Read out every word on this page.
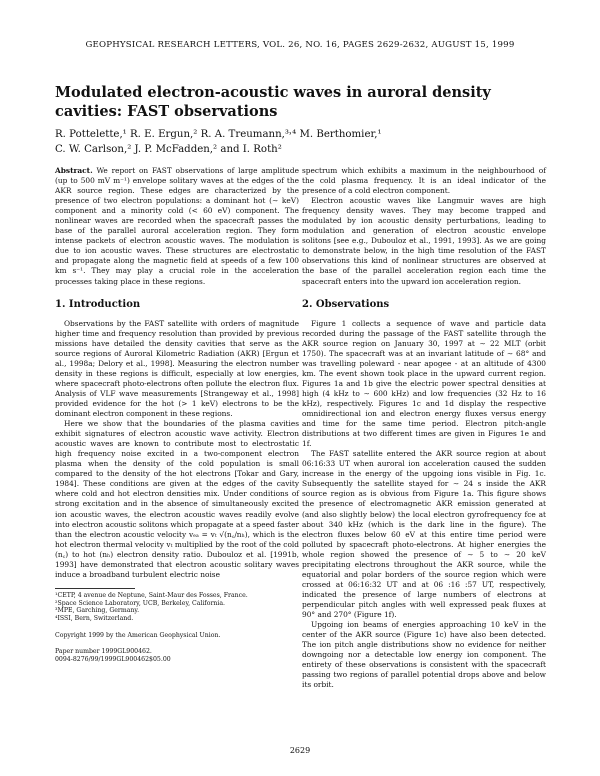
GEOPHYSICAL RESEARCH LETTERS, VOL. 26, NO. 16, PAGES 2629-2632, AUGUST 15, 1999
Modulated electron-acoustic waves in auroral density cavities: FAST observations
R. Pottelette,¹ R. E. Ergun,² R. A. Treumann,³˒⁴ M. Berthomier,¹
C. W. Carlson,² J. P. McFadden,² and I. Roth²

Abstract. We report on FAST observations of large amplitude (up to 500 mV m⁻¹) envelope solitary waves at the edges of the AKR source region. These edges are characterized by the presence of two electron populations: a dominant hot (∼ keV) component and a minority cold (< 60 eV) component. The nonlinear waves are recorded when the spacecraft passes the base of the parallel auroral acceleration region. They form intense packets of electron acoustic waves. The modulation is due to ion acoustic waves. These structures are electrostatic and propagate along the magnetic field at speeds of a few 100 km s⁻¹. They may play a crucial role in the acceleration processes taking place in these regions.

1. Introduction

Observations by the FAST satellite with orders of magnitude higher time and frequency resolution than provided by previous missions have detailed the density cavities that serve as the source regions of Auroral Kilometric Radiation (AKR) [Ergun et al., 1998a; Delory et al., 1998]. Measuring the electron number density in these regions is difficult, especially at low energies, where spacecraft photo-electrons often pollute the electron flux. Analysis of VLF wave measurements [Strangeway et al., 1998] provided evidence for the hot (> 1 keV) electrons to be the dominant electron component in these regions.

Here we show that the boundaries of the plasma cavities exhibit signatures of electron acoustic wave activity. Electron acoustic waves are known to contribute most to electrostatic high frequency noise excited in a two-component electron plasma when the density of the cold population is small compared to the density of the hot electrons [Tokar and Gary, 1984]. These conditions are given at the edges of the cavity where cold and hot electron densities mix. Under conditions of strong excitation and in the absence of simultaneously excited ion acoustic waves, the electron acoustic waves readily evolve into electron acoustic solitons which propagate at a speed faster than the electron acoustic velocity vₑₐ = vₜ √(n꜀/nₕ), which is the hot electron thermal velocity vₜ multiplied by the root of the cold (n꜀) to hot (nₕ) electron density ratio. Dubouloz et al. [1991b, 1993] have demonstrated that electron acoustic solitary waves induce a broadband turbulent electric noise

¹CETP, 4 avenue de Neptune, Saint-Maur des Fosses, France.
²Space Science Laboratory, UCB, Berkeley, California.
³MPE, Garching, Germany.
⁴ISSI, Bern, Switzerland.
Copyright 1999 by the American Geophysical Union.
Paper number 1999GL900462.
0094-8276/99/1999GL900462$05.00

spectrum which exhibits a maximum in the neighbourhood of the cold plasma frequency. It is an ideal indicator of the presence of a cold electron component.

Electron acoustic waves like Langmuir waves are high frequency density waves. They may become trapped and modulated by ion acoustic density perturbations, leading to modulation and generation of electron acoustic envelope solitons [see e.g., Dubouloz et al., 1991, 1993]. As we are going to demonstrate below, in the high time resolution of the FAST observations this kind of nonlinear structures are observed at the base of the parallel acceleration region each time the spacecraft enters into the upward ion acceleration region.

2. Observations

Figure 1 collects a sequence of wave and particle data recorded during the passage of the FAST satellite through the AKR source region on January 30, 1997 at ∼ 22 MLT (orbit 1750). The spacecraft was at an invariant latitude of ∼ 68° and was travelling poleward - near apogee - at an altitude of 4300 km. The event shown took place in the upward current region. Figures 1a and 1b give the electric power spectral densities at high (4 kHz to ∼ 600 kHz) and low frequencies (32 Hz to 16 kHz), respectively. Figures 1c and 1d display the respective omnidirectional ion and electron energy fluxes versus energy and time for the same time period. Electron pitch-angle distributions at two different times are given in Figures 1e and 1f.

The FAST satellite entered the AKR source region at about 06:16:33 UT when auroral ion acceleration caused the sudden increase in the energy of the upgoing ions visible in Fig. 1c. Subsequently the satellite stayed for ∼ 24 s inside the AKR source region as is obvious from Figure 1a. This figure shows the presence of electromagnetic AKR emission generated at (and also slightly below) the local electron gyrofrequency fce at about 340 kHz (which is the dark line in the figure). The electron fluxes below 60 eV at this entire time period were polluted by spacecraft photo-electrons. At higher energies the whole region showed the presence of ∼ 5 to ∼ 20 keV precipitating electrons throughout the AKR source, while the equatorial and polar borders of the source region which were crossed at 06:16:32 UT and at 06 :16 :57 UT, respectively, indicated the presence of large numbers of electrons at perpendicular pitch angles with well expressed peak fluxes at 90° and 270° (Figure 1f).

Upgoing ion beams of energies approaching 10 keV in the center of the AKR source (Figure 1c) have also been detected. The ion pitch angle distributions show no evidence for neither downgoing nor a detectable low energy ion component. The entirety of these observations is consistent with the spacecraft passing two regions of parallel potential drops above and below its orbit.

2629
